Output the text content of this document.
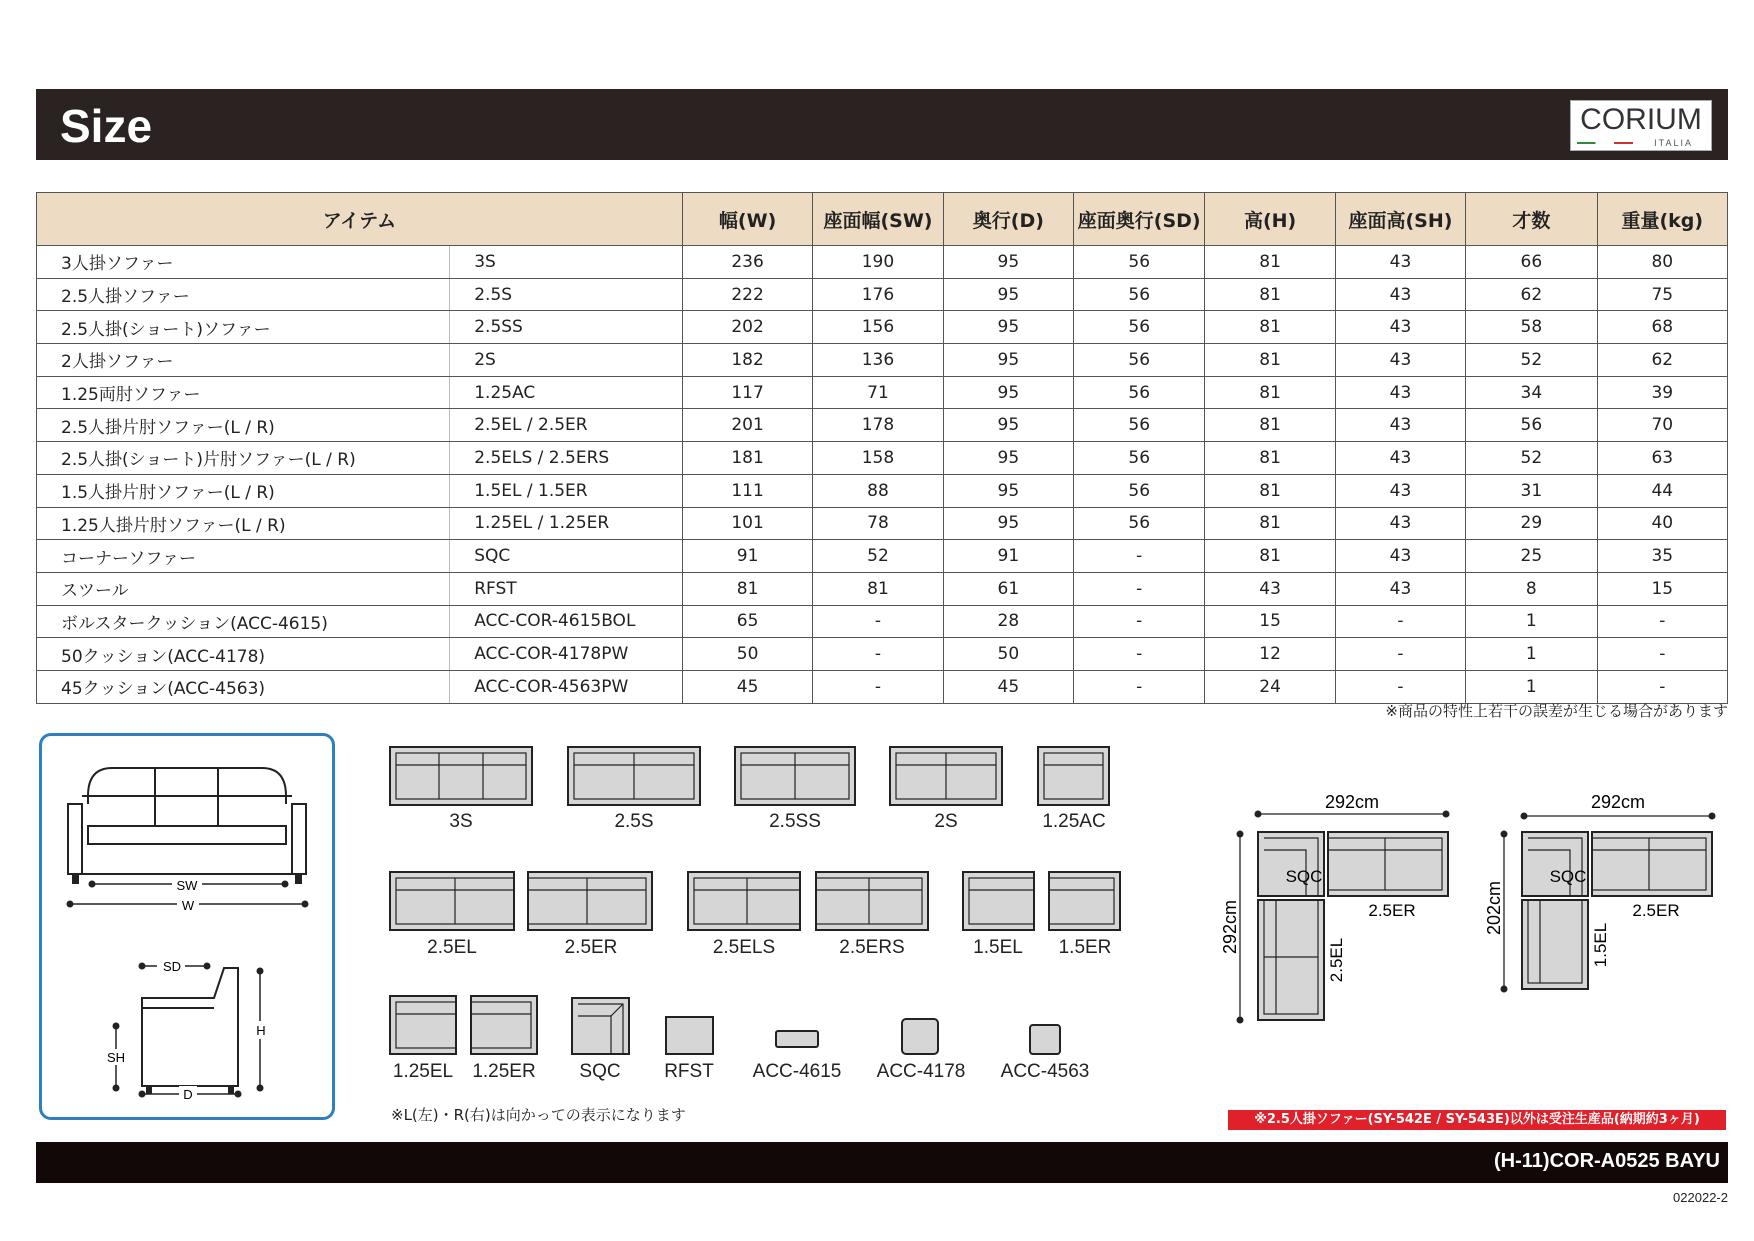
Size	CORIUM
ITALIA
アイテム		幅(W)	座面幅(SW)	奥行(D)	座面奥行(SD)	高(H)	座面高(SH)	才数	重量(kg)
3人掛ソファー	3S	236	190	95	56	81	43	66	80
2.5人掛ソファー	2.5S	222	176	95	56	81	43	62	75
2.5人掛(ショート)ソファー	2.5SS	202	156	95	56	81	43	58	68
2人掛ソファー	2S	182	136	95	56	81	43	52	62
1.25両肘ソファー	1.25AC	117	71	95	56	81	43	34	39
2.5人掛片肘ソファー(L / R)	2.5EL / 2.5ER	201	178	95	56	81	43	56	70
2.5人掛(ショート)片肘ソファー(L / R)	2.5ELS / 2.5ERS	181	158	95	56	81	43	52	63
1.5人掛片肘ソファー(L / R)	1.5EL / 1.5ER	111	88	95	56	81	43	31	44
1.25人掛片肘ソファー(L / R)	1.25EL / 1.25ER	101	78	95	56	81	43	29	40
コーナーソファー	SQC	91	52	91	-	81	43	25	35
スツール	RFST	81	81	61	-	43	43	8	15
ボルスタークッション(ACC-4615)	ACC-COR-4615BOL	65	-	28	-	15	-	1	-
50クッション(ACC-4178)	ACC-COR-4178PW	50	-	50	-	12	-	1	-
45クッション(ACC-4563)	ACC-COR-4563PW	45	-	45	-	24	-	1	-
※商品の特性上若干の誤差が生じる場合があります
SW
W
SD
H
SH
D
3S	2.5S	2.5SS	2S	1.25AC
2.5EL	2.5ER	2.5ELS	2.5ERS	1.5EL	1.5ER
1.25EL	1.25ER	SQC	RFST	ACC-4615	ACC-4178	ACC-4563
※L(左)・R(右)は向かっての表示になります
292cm
292cm
SQC
2.5ER
2.5EL
292cm
202cm
SQC
2.5ER
1.5EL
※2.5人掛ソファー(SY-542E / SY-543E)以外は受注生産品(納期約3ヶ月)
(H-11)COR-A0525 BAYU
022022-2
